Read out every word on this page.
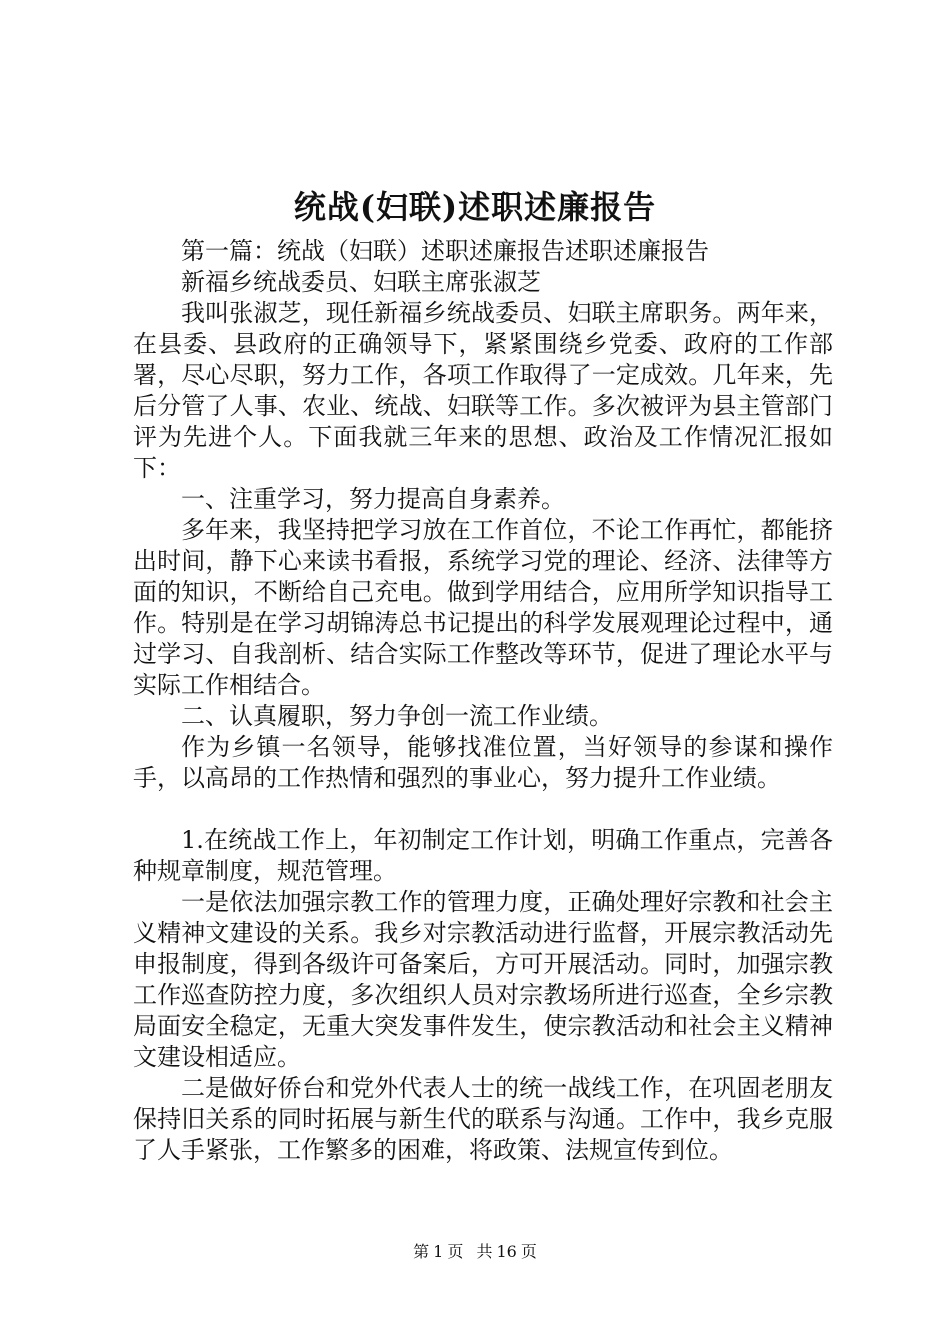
统战(妇联)述职述廉报告

第一篇：统战（妇联）述职述廉报告述职述廉报告

新福乡统战委员、妇联主席张淑芝

我叫张淑芝，现任新福乡统战委员、妇联主席职务。两年来，在县委、县政府的正确领导下，紧紧围绕乡党委、政府的工作部署，尽心尽职，努力工作，各项工作取得了一定成效。几年来，先后分管了人事、农业、统战、妇联等工作。多次被评为县主管部门评为先进个人。下面我就三年来的思想、政治及工作情况汇报如下：

一、注重学习，努力提高自身素养。

多年来，我坚持把学习放在工作首位，不论工作再忙，都能挤出时间，静下心来读书看报，系统学习党的理论、经济、法律等方面的知识，不断给自己充电。做到学用结合，应用所学知识指导工作。特别是在学习胡锦涛总书记提出的科学发展观理论过程中，通过学习、自我剖析、结合实际工作整改等环节，促进了理论水平与实际工作相结合。

二、认真履职，努力争创一流工作业绩。

作为乡镇一名领导，能够找准位置，当好领导的参谋和操作手，以高昂的工作热情和强烈的事业心，努力提升工作业绩。

1.在统战工作上，年初制定工作计划，明确工作重点，完善各种规章制度，规范管理。

一是依法加强宗教工作的管理力度，正确处理好宗教和社会主义精神文建设的关系。我乡对宗教活动进行监督，开展宗教活动先申报制度，得到各级许可备案后，方可开展活动。同时，加强宗教工作巡查防控力度，多次组织人员对宗教场所进行巡查，全乡宗教局面安全稳定，无重大突发事件发生，使宗教活动和社会主义精神文建设相适应。

二是做好侨台和党外代表人士的统一战线工作，在巩固老朋友保持旧关系的同时拓展与新生代的联系与沟通。工作中，我乡克服了人手紧张，工作繁多的困难，将政策、法规宣传到位。

第 1 页 共 16 页
